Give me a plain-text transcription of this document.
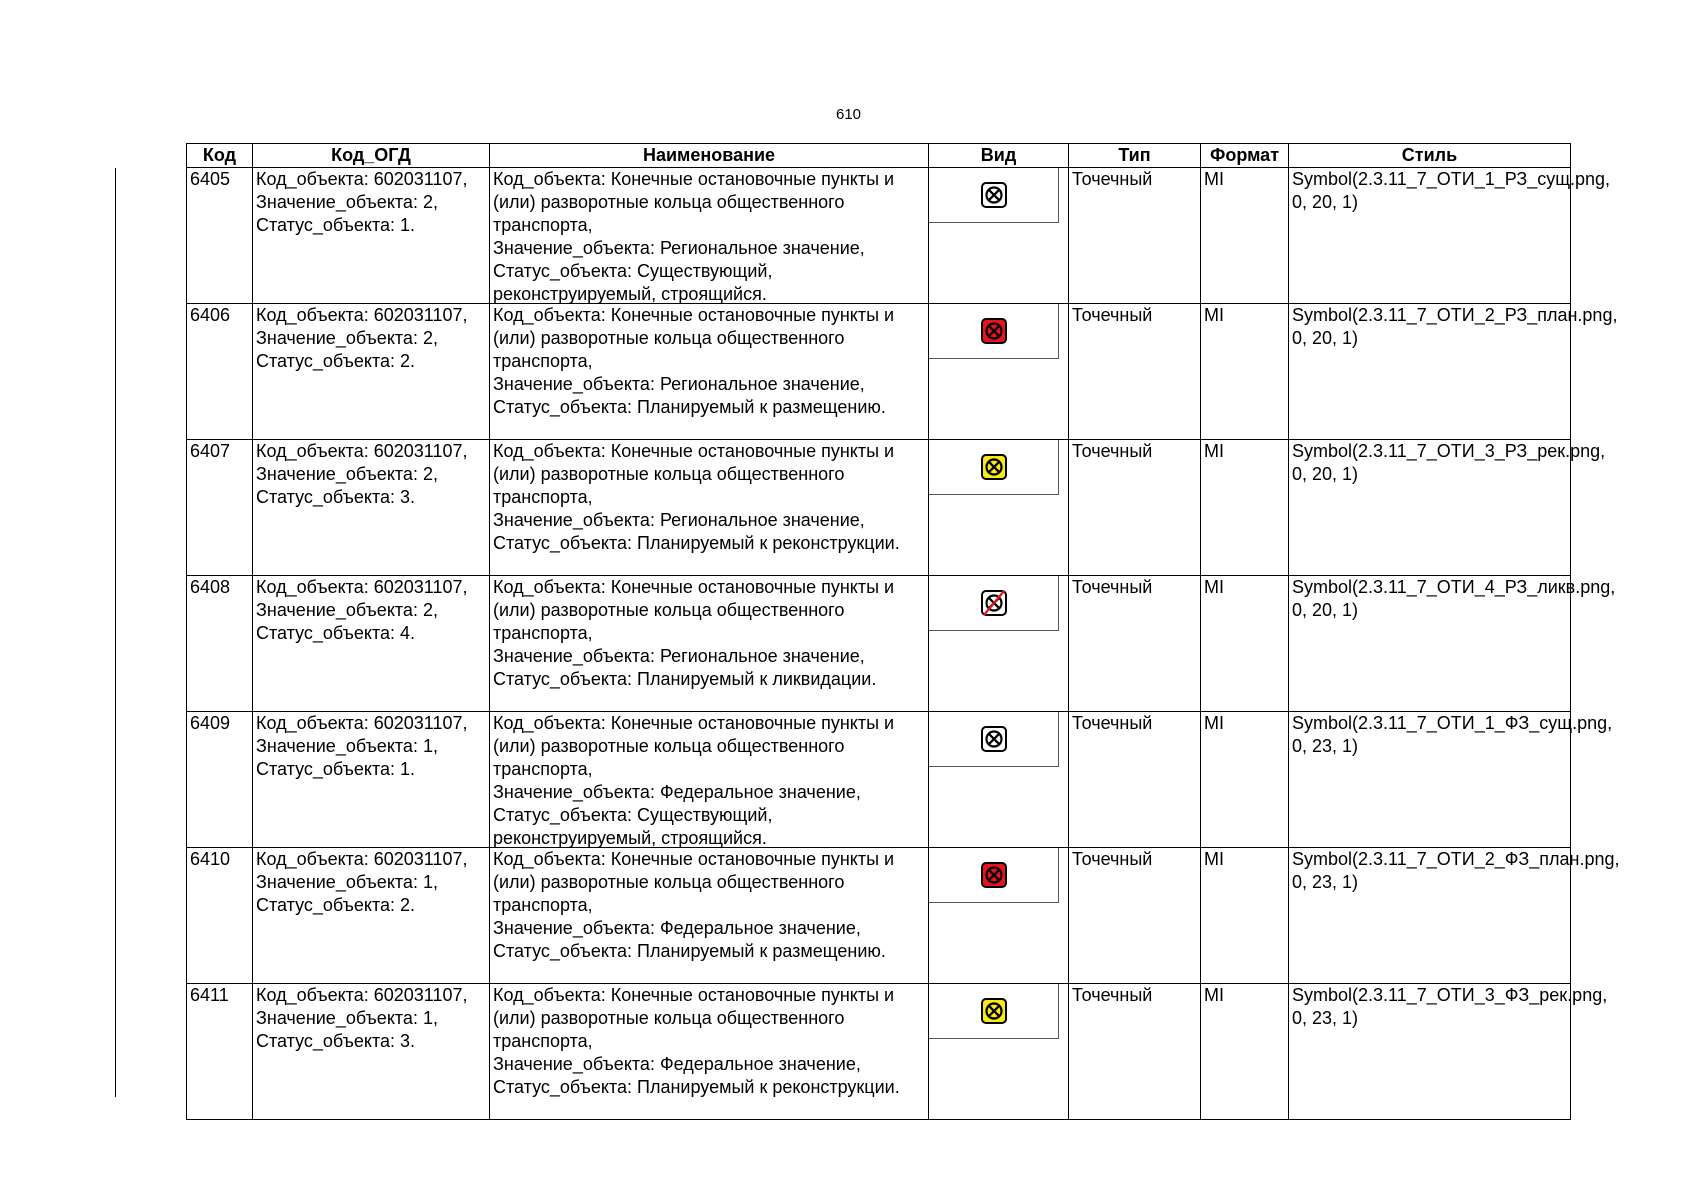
610
Код	Код_ОГД	Наименование	Вид	Тип	Формат	Стиль

6405	Код_объекта: 602031107,
Значение_объекта: 2,
Статус_объекта: 1.	Код_объекта: Конечные остановочные пункты и (или) разворотные кольца общественного транспорта,
Значение_объекта: Региональное значение,
Статус_объекта: Существующий, реконструируемый, строящийся.		Точечный	MI	Symbol(2.3.11_7_ОТИ_1_РЗ_сущ.png, 0, 20, 1)

6406	Код_объекта: 602031107,
Значение_объекта: 2,
Статус_объекта: 2.	Код_объекта: Конечные остановочные пункты и (или) разворотные кольца общественного транспорта,
Значение_объекта: Региональное значение,
Статус_объекта: Планируемый к размещению.		Точечный	MI	Symbol(2.3.11_7_ОТИ_2_РЗ_план.png, 0, 20, 1)

6407	Код_объекта: 602031107,
Значение_объекта: 2,
Статус_объекта: 3.	Код_объекта: Конечные остановочные пункты и (или) разворотные кольца общественного транспорта,
Значение_объекта: Региональное значение,
Статус_объекта: Планируемый к реконструкции.		Точечный	MI	Symbol(2.3.11_7_ОТИ_3_РЗ_рек.png, 0, 20, 1)

6408	Код_объекта: 602031107,
Значение_объекта: 2,
Статус_объекта: 4.	Код_объекта: Конечные остановочные пункты и (или) разворотные кольца общественного транспорта,
Значение_объекта: Региональное значение,
Статус_объекта: Планируемый к ликвидации.		Точечный	MI	Symbol(2.3.11_7_ОТИ_4_РЗ_ликв.png, 0, 20, 1)

6409	Код_объекта: 602031107,
Значение_объекта: 1,
Статус_объекта: 1.	Код_объекта: Конечные остановочные пункты и (или) разворотные кольца общественного транспорта,
Значение_объекта: Федеральное значение,
Статус_объекта: Существующий, реконструируемый, строящийся.		Точечный	MI	Symbol(2.3.11_7_ОТИ_1_ФЗ_сущ.png, 0, 23, 1)

6410	Код_объекта: 602031107,
Значение_объекта: 1,
Статус_объекта: 2.	Код_объекта: Конечные остановочные пункты и (или) разворотные кольца общественного транспорта,
Значение_объекта: Федеральное значение,
Статус_объекта: Планируемый к размещению.		Точечный	MI	Symbol(2.3.11_7_ОТИ_2_ФЗ_план.png, 0, 23, 1)

6411	Код_объекта: 602031107,
Значение_объекта: 1,
Статус_объекта: 3.	Код_объекта: Конечные остановочные пункты и (или) разворотные кольца общественного транспорта,
Значение_объекта: Федеральное значение,
Статус_объекта: Планируемый к реконструкции.		Точечный	MI	Symbol(2.3.11_7_ОТИ_3_ФЗ_рек.png, 0, 23, 1)
